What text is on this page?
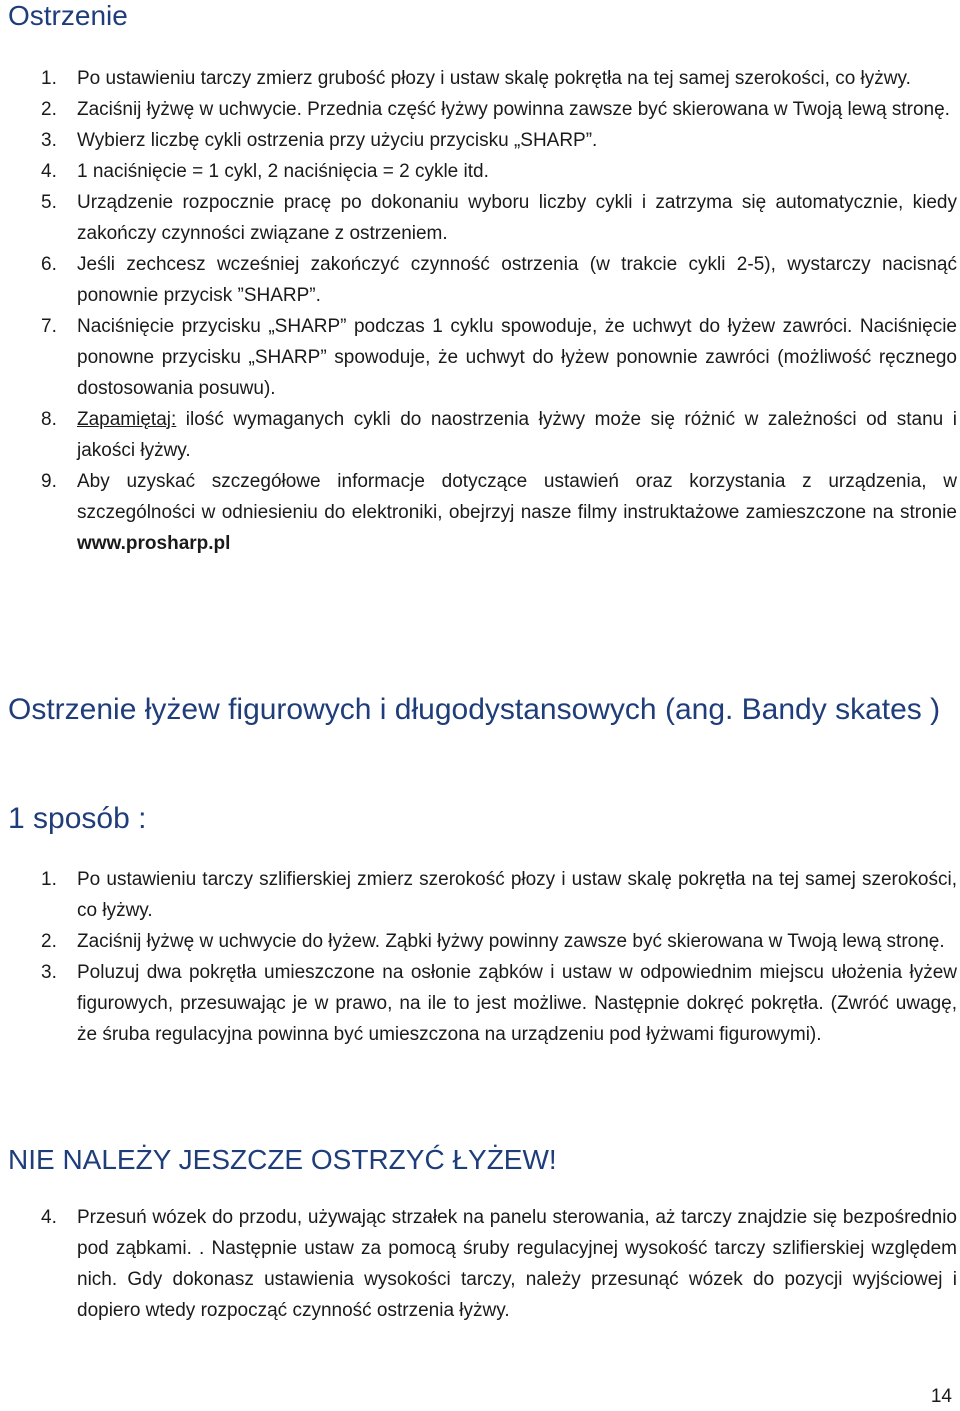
Ostrzenie
1. Po ustawieniu tarczy zmierz grubość płozy i ustaw skalę pokrętła na tej samej szerokości, co łyżwy.
2. Zaciśnij łyżwę w uchwycie. Przednia część łyżwy powinna zawsze być skierowana w Twoją lewą stronę.
3. Wybierz liczbę cykli ostrzenia przy użyciu przycisku „SHARP”.
4. 1 naciśnięcie = 1 cykl, 2 naciśnięcia = 2 cykle itd.
5. Urządzenie rozpocznie pracę po dokonaniu wyboru liczby cykli i zatrzyma się automatycznie, kiedy zakończy czynności związane z ostrzeniem.
6. Jeśli zechcesz wcześniej zakończyć czynność ostrzenia (w trakcie cykli 2-5), wystarczy nacisnąć ponownie przycisk ”SHARP”.
7. Naciśnięcie przycisku „SHARP” podczas 1 cyklu spowoduje, że uchwyt do łyżew zawróci. Naciśnięcie ponowne przycisku „SHARP” spowoduje, że uchwyt do łyżew ponownie zawróci (możliwość ręcznego dostosowania posuwu).
8. Zapamiętaj: ilość wymaganych cykli do naostrzenia łyżwy może się różnić w zależności od stanu i jakości łyżwy.
9. Aby uzyskać szczegółowe informacje dotyczące ustawień oraz korzystania z urządzenia, w szczególności w odniesieniu do elektroniki, obejrzyj nasze filmy instruktażowe zamieszczone na stronie www.prosharp.pl
Ostrzenie łyżew figurowych i długodystansowych (ang. Bandy skates )
1 sposób :
1. Po ustawieniu tarczy szlifierskiej zmierz szerokość płozy i ustaw skalę pokrętła na tej samej szerokości, co łyżwy.
2. Zaciśnij łyżwę w uchwycie do łyżew. Ząbki łyżwy powinny zawsze być skierowana w Twoją lewą stronę.
3. Poluzuj dwa pokrętła umieszczone na osłonie ząbków i ustaw w odpowiednim miejscu ułożenia łyżew figurowych, przesuwając je w prawo, na ile to jest możliwe. Następnie dokręć pokrętła. (Zwróć uwagę, że śruba regulacyjna powinna być umieszczona na urządzeniu pod łyżwami figurowymi).
NIE NALEŻY JESZCZE OSTRZYĆ ŁYŻEW!
4. Przesuń wózek do przodu, używając strzałek na panelu sterowania, aż tarczy znajdzie się bezpośrednio pod ząbkami. . Następnie ustaw za pomocą śruby regulacyjnej wysokość tarczy szlifierskiej względem nich. Gdy dokonasz ustawienia wysokości tarczy, należy przesunąć wózek do pozycji wyjściowej i dopiero wtedy rozpocząć czynność ostrzenia łyżwy.
14
